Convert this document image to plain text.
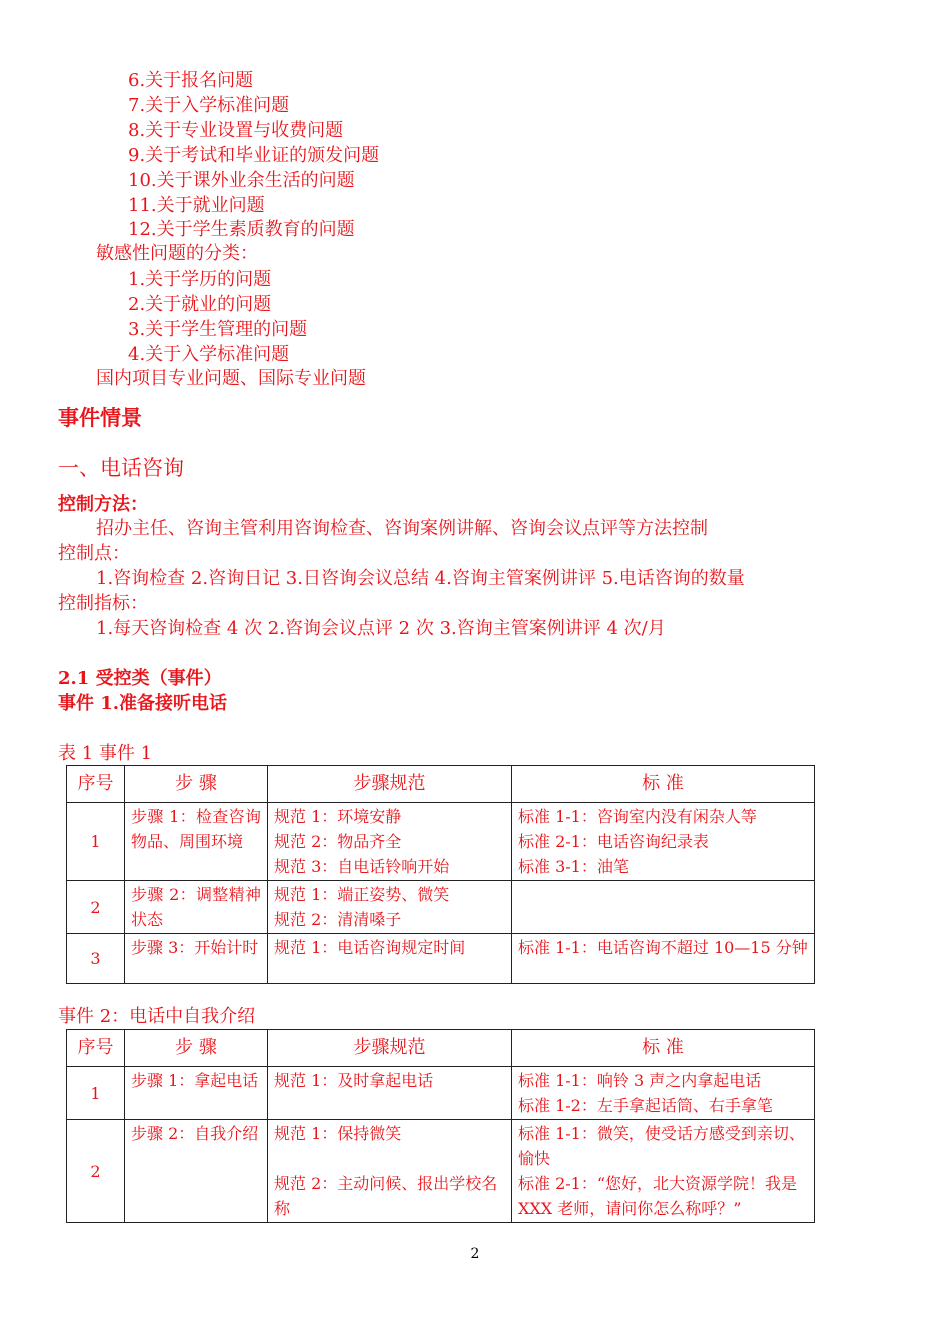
6.关于报名问题
7.关于入学标准问题
8.关于专业设置与收费问题
9.关于考试和毕业证的颁发问题
10.关于课外业余生活的问题
11.关于就业问题
12.关于学生素质教育的问题
敏感性问题的分类：
1.关于学历的问题
2.关于就业的问题
3.关于学生管理的问题
4.关于入学标准问题
国内项目专业问题、国际专业问题
事件情景
一、电话咨询
控制方法：
招办主任、咨询主管利用咨询检查、咨询案例讲解、咨询会议点评等方法控制
控制点：
1.咨询检查 2.咨询日记 3.日咨询会议总结 4.咨询主管案例讲评 5.电话咨询的数量
控制指标：
1.每天咨询检查 4 次 2.咨询会议点评 2 次 3.咨询主管案例讲评 4 次/月
2.1 受控类（事件）
事件 1.准备接听电话
表 1 事件 1
序号	步 骤	步骤规范	标 准
1	步骤 1：检查咨询物品、周围环境	规范 1：环境安静
规范 2：物品齐全
规范 3：自电话铃响开始	标准 1-1：咨询室内没有闲杂人等
标准 2-1：电话咨询纪录表
标准 3-1：油笔

2	步骤 2：调整精神状态	规范 1：端正姿势、微笑
规范 2：清清嗓子	

3	步骤 3：开始计时	规范 1：电话咨询规定时间	标准 1-1：电话咨询不超过 10—15 分钟
事件 2：电话中自我介绍
序号	步 骤	步骤规范	标 准
1	步骤 1：拿起电话	规范 1：及时拿起电话	标准 1-1：响铃 3 声之内拿起电话
标准 1-2：左手拿起话筒、右手拿笔

2	步骤 2：自我介绍	规范 1：保持微笑
规范 2：主动问候、报出学校名称	标准 1-1：微笑，使受话方感受到亲切、愉快
标准 2-1：“您好，北大资源学院！我是 XXX 老师，请问你怎么称呼？”
2
